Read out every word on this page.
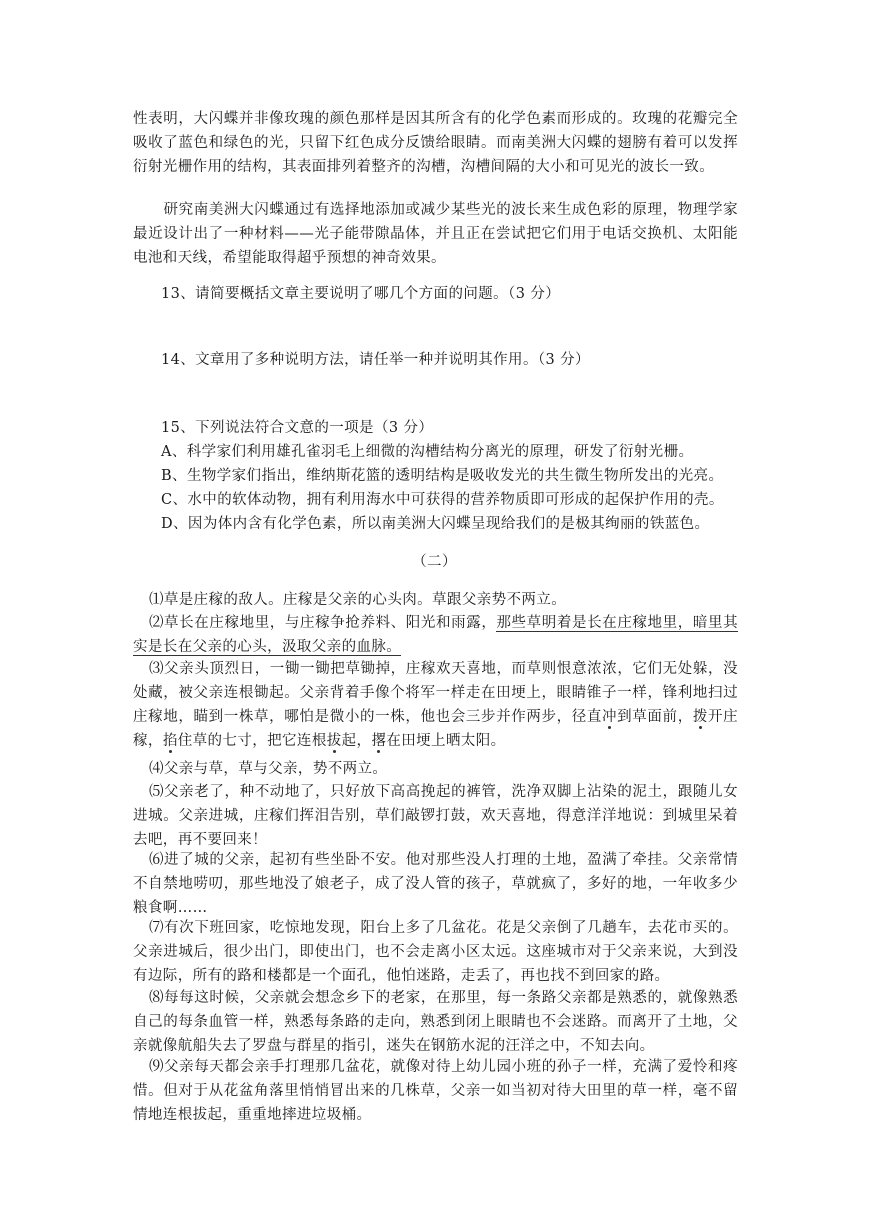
性表明，大闪蝶并非像玫瑰的颜色那样是因其所含有的化学色素而形成的。玫瑰的花瓣完全吸收了蓝色和绿色的光，只留下红色成分反馈给眼睛。而南美洲大闪蝶的翅膀有着可以发挥衍射光栅作用的结构，其表面排列着整齐的沟槽，沟槽间隔的大小和可见光的波长一致。
研究南美洲大闪蝶通过有选择地添加或减少某些光的波长来生成色彩的原理，物理学家最近设计出了一种材料——光子能带隙晶体，并且正在尝试把它们用于电话交换机、太阳能电池和天线，希望能取得超乎预想的神奇效果。
13、请简要概括文章主要说明了哪几个方面的问题。（3 分）
14、文章用了多种说明方法，请任举一种并说明其作用。（3 分）
15、下列说法符合文意的一项是（3 分）
A、科学家们利用雄孔雀羽毛上细微的沟槽结构分离光的原理，研发了衍射光栅。
B、生物学家们指出，维纳斯花篮的透明结构是吸收发光的共生微生物所发出的光亮。
C、水中的软体动物，拥有利用海水中可获得的营养物质即可形成的起保护作用的壳。
D、因为体内含有化学色素，所以南美洲大闪蝶呈现给我们的是极其绚丽的铁蓝色。
（二）
⑴草是庄稼的敌人。庄稼是父亲的心头肉。草跟父亲势不两立。
⑵草长在庄稼地里，与庄稼争抢养料、阳光和雨露，那些草明着是长在庄稼地里，暗里其实是长在父亲的心头，汲取父亲的血脉。
⑶父亲头顶烈日，一锄一锄把草锄掉，庄稼欢天喜地，而草则恨意浓浓，它们无处躲，没处藏，被父亲连根锄起。父亲背着手像个将军一样走在田埂上，眼睛锥子一样，锋利地扫过庄稼地，瞄到一株草，哪怕是微小的一株，他也会三步并作两步，径直冲到草面前，拨开庄稼，掐住草的七寸，把它连根拔起，撂在田埂上晒太阳。
⑷父亲与草，草与父亲，势不两立。
⑸父亲老了，种不动地了，只好放下高高挽起的裤管，洗净双脚上沾染的泥土，跟随儿女进城。父亲进城，庄稼们挥泪告别，草们敲锣打鼓，欢天喜地，得意洋洋地说：到城里呆着去吧，再不要回来！
⑹进了城的父亲，起初有些坐卧不安。他对那些没人打理的土地，盈满了牵挂。父亲常情不自禁地唠叨，那些地没了娘老子，成了没人管的孩子，草就疯了，多好的地，一年收多少粮食啊……
⑺有次下班回家，吃惊地发现，阳台上多了几盆花。花是父亲倒了几趟车，去花市买的。父亲进城后，很少出门，即使出门，也不会走离小区太远。这座城市对于父亲来说，大到没有边际，所有的路和楼都是一个面孔，他怕迷路，走丢了，再也找不到回家的路。
⑻每每这时候，父亲就会想念乡下的老家，在那里，每一条路父亲都是熟悉的，就像熟悉自己的每条血管一样，熟悉每条路的走向，熟悉到闭上眼睛也不会迷路。而离开了土地，父亲就像航船失去了罗盘与群星的指引，迷失在钢筋水泥的汪洋之中，不知去向。
⑼父亲每天都会亲手打理那几盆花，就像对待上幼儿园小班的孙子一样，充满了爱怜和疼惜。但对于从花盆角落里悄悄冒出来的几株草，父亲一如当初对待大田里的草一样，毫不留情地连根拔起，重重地摔进垃圾桶。
